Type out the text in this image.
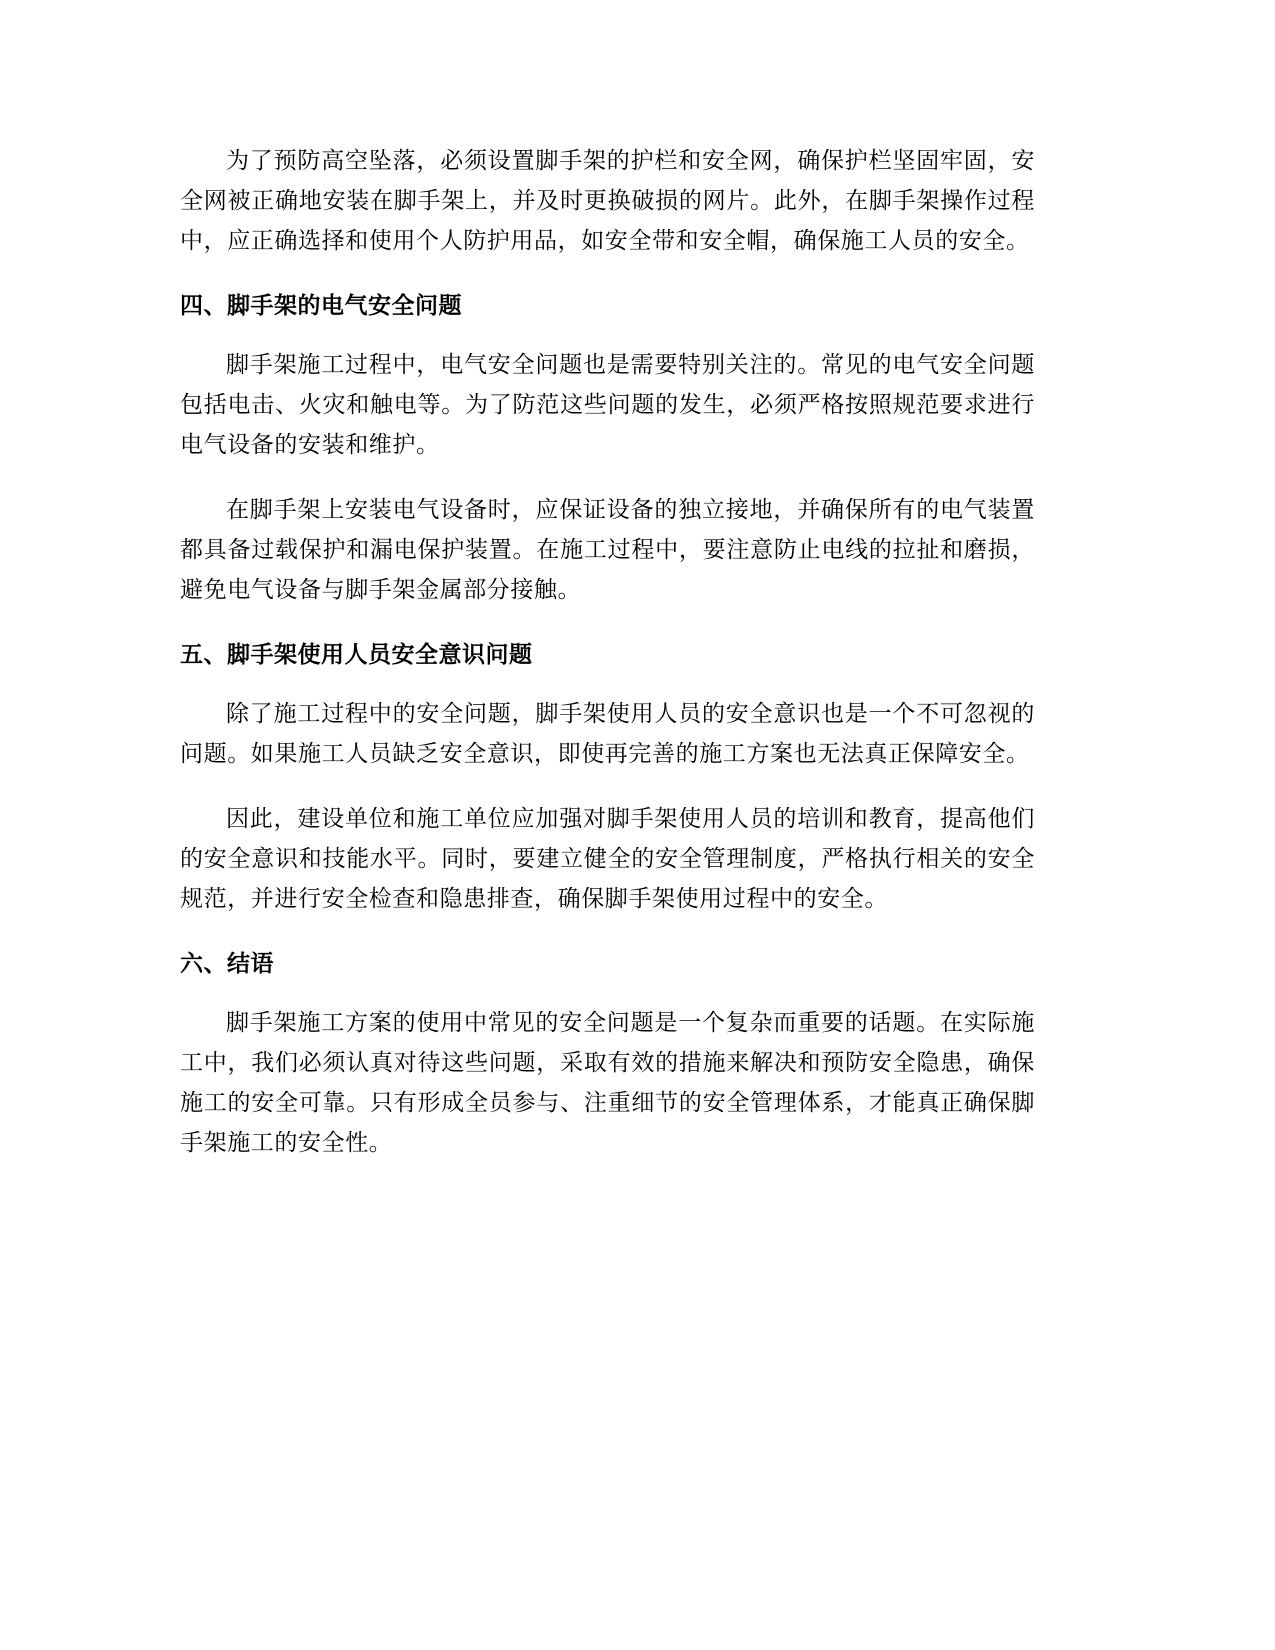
为了预防高空坠落，必须设置脚手架的护栏和安全网，确保护栏坚固牢固，安全网被正确地安装在脚手架上，并及时更换破损的网片。此外，在脚手架操作过程中，应正确选择和使用个人防护用品，如安全带和安全帽，确保施工人员的安全。

四、脚手架的电气安全问题

脚手架施工过程中，电气安全问题也是需要特别关注的。常见的电气安全问题包括电击、火灾和触电等。为了防范这些问题的发生，必须严格按照规范要求进行电气设备的安装和维护。

在脚手架上安装电气设备时，应保证设备的独立接地，并确保所有的电气装置都具备过载保护和漏电保护装置。在施工过程中，要注意防止电线的拉扯和磨损，避免电气设备与脚手架金属部分接触。

五、脚手架使用人员安全意识问题

除了施工过程中的安全问题，脚手架使用人员的安全意识也是一个不可忽视的问题。如果施工人员缺乏安全意识，即使再完善的施工方案也无法真正保障安全。

因此，建设单位和施工单位应加强对脚手架使用人员的培训和教育，提高他们的安全意识和技能水平。同时，要建立健全的安全管理制度，严格执行相关的安全规范，并进行安全检查和隐患排查，确保脚手架使用过程中的安全。

六、结语

脚手架施工方案的使用中常见的安全问题是一个复杂而重要的话题。在实际施工中，我们必须认真对待这些问题，采取有效的措施来解决和预防安全隐患，确保施工的安全可靠。只有形成全员参与、注重细节的安全管理体系，才能真正确保脚手架施工的安全性。
